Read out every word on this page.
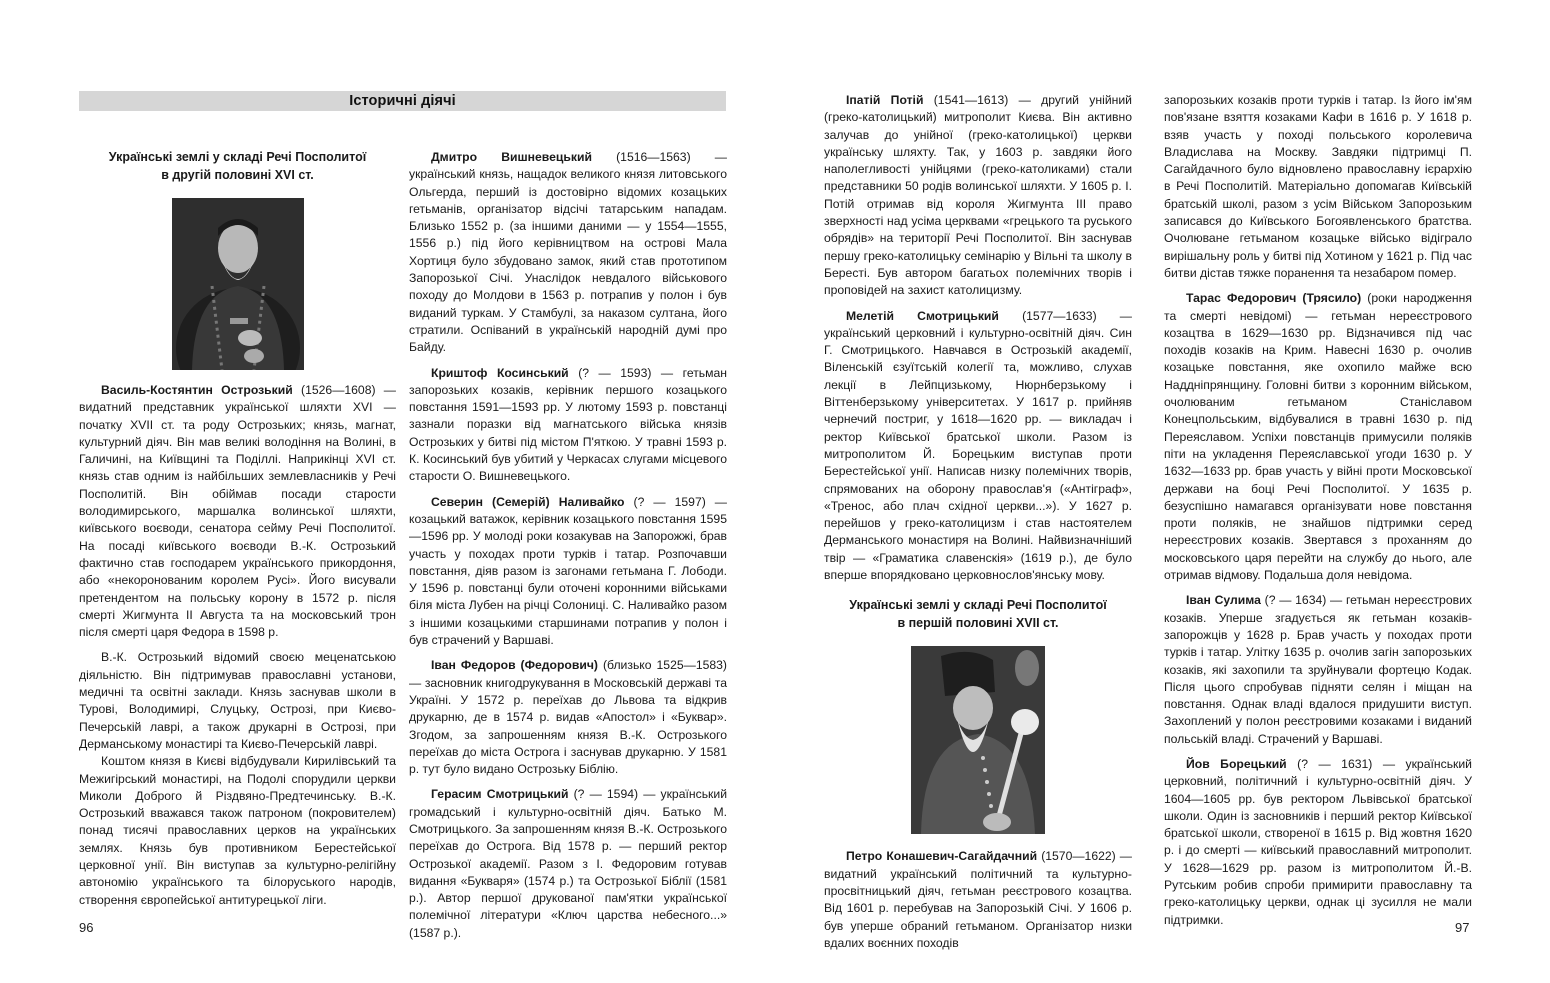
Історичні діячі
Українські землі у складі Речі Посполитої
в другій половині XVI ст.

Василь-Костянтин Острозький (1526—1608) — видатний представник української шляхти XVI — початку XVII ст. та роду Острозьких; князь, магнат, культурний діяч. Він мав великі володіння на Волині, в Галичині, на Київщині та Поділлі. Наприкінці XVI ст. князь став одним із найбільших землевласників у Речі Посполитій. Він обіймав посади старости володимирського, маршалка волинської шляхти, київського воєводи, сенатора сейму Речі Посполитої. На посаді київського воєводи В.-К. Острозький фактично став господарем українського прикордоння, або «некоронованим королем Русі». Його висували претендентом на польську корону в 1572 р. після смерті Жигмунта II Августа та на московський трон після смерті царя Федора в 1598 р.

В.-К. Острозький відомий своєю меценатською діяльністю. Він підтримував православні установи, медичні та освітні заклади. Князь заснував школи в Турові, Володимирі, Слуцьку, Острозі, при Києво-Печерській лаврі, а також друкарні в Острозі, при Дерманському монастирі та Києво-Печерській лаврі.

Коштом князя в Києві відбудували Кирилівський та Межигірський монастирі, на Подолі спорудили церкви Миколи Доброго й Різдвяно-Предтечинську. В.-К. Острозький вважався також патроном (покровителем) понад тисячі православних церков на українських землях. Князь був противником Берестейської церковної унії. Він виступав за культурно-релігійну автономію українського та білоруського народів, створення європейської антитурецької ліги.

Дмитро Вишневецький (1516—1563) — український князь, нащадок великого князя литовського Ольгерда, перший із достовірно відомих козацьких гетьманів, організатор відсічі татарським нападам. Близько 1552 р. (за іншими даними — у 1554—1555, 1556 р.) під його керівництвом на острові Мала Хортиця було збудовано замок, який став прототипом Запорозької Січі. Унаслідок невдалого військового походу до Молдови в 1563 р. потрапив у полон і був виданий туркам. У Стамбулі, за наказом султана, його стратили. Оспіваний в українській народній думі про Байду.

Криштоф Косинський (? — 1593) — гетьман запорозьких козаків, керівник першого козацького повстання 1591—1593 рр. У лютому 1593 р. повстанці зазнали поразки від магнатського війська князів Острозьких у битві під містом П'яткою. У травні 1593 р. К. Косинський був убитий у Черкасах слугами місцевого старости О. Вишневецького.

Северин (Семерій) Наливайко (? — 1597) — козацький ватажок, керівник козацького повстання 1595—1596 рр. У молоді роки козакував на Запорожжі, брав участь у походах проти турків і татар. Розпочавши повстання, діяв разом із загонами гетьмана Г. Лободи. У 1596 р. повстанці були оточені коронними військами біля міста Лубен на річці Солониці. С. Наливайко разом з іншими козацькими старшинами потрапив у полон і був страчений у Варшаві.

Іван Федоров (Федорович) (близько 1525—1583) — засновник книгодрукування в Московській державі та Україні. У 1572 р. переїхав до Львова та відкрив друкарню, де в 1574 р. видав «Апостол» і «Буквар». Згодом, за запрошенням князя В.-К. Острозького переїхав до міста Острога і заснував друкарню. У 1581 р. тут було видано Острозьку Біблію.

Герасим Смотрицький (? — 1594) — український громадський і культурно-освітній діяч. Батько М. Смотрицького. За запрошенням князя В.-К. Острозького переїхав до Острога. Від 1578 р. — перший ректор Острозької академії. Разом з І. Федоровим готував видання «Букваря» (1574 р.) та Острозької Біблії (1581 р.). Автор першої друкованої пам'ятки української полемічної літератури «Ключ царства небесного...» (1587 р.).

96

Іпатій Потій (1541—1613) — другий унійний (греко-католицький) митрополит Києва. Він активно залучав до унійної (греко-католицької) церкви українську шляхту. Так, у 1603 р. завдяки його наполегливості унійцями (греко-католиками) стали представники 50 родів волинської шляхти. У 1605 р. І. Потій отримав від короля Жигмунта III право зверхності над усіма церквами «грецького та руського обрядів» на території Речі Посполитої. Він заснував першу греко-католицьку семінарію у Вільні та школу в Бересті. Був автором багатьох полемічних творів і проповідей на захист католицизму.

Мелетій Смотрицький (1577—1633) — український церковний і культурно-освітній діяч. Син Г. Смотрицького. Навчався в Острозькій академії, Віленській єзуїтській колегії та, можливо, слухав лекції в Лейпцизькому, Нюрнберзькому і Віттенберзькому університетах. У 1617 р. прийняв чернечий постриг, у 1618—1620 рр. — викладач і ректор Київської братської школи. Разом із митрополитом Й. Борецьким виступав проти Берестейської унії. Написав низку полемічних творів, спрямованих на оборону православ'я («Антіграф», «Тренос, або плач східної церкви...»). У 1627 р. перейшов у греко-католицизм і став настоятелем Дерманського монастиря на Волині. Найвизначніший твір — «Граматика славенскія» (1619 р.), де було вперше впорядковано церковнослов'янську мову.

Українські землі у складі Речі Посполитої
в першій половині XVII ст.

Петро Конашевич-Сагайдачний (1570—1622) — видатний український політичний та культурно-просвітницький діяч, гетьман реєстрового козацтва. Від 1601 р. перебував на Запорозькій Січі. У 1606 р. був уперше обраний гетьманом. Організатор низки вдалих воєнних походів

запорозьких козаків проти турків і татар. Із його ім'ям пов'язане взяття козаками Кафи в 1616 р. У 1618 р. взяв участь у поході польського королевича Владислава на Москву. Завдяки підтримці П. Сагайдачного було відновлено православну ієрархію в Речі Посполитій. Матеріально допомагав Київській братській школі, разом з усім Військом Запорозьким записався до Київського Богоявленського братства. Очолюване гетьманом козацьке військо відіграло вирішальну роль у битві під Хотином у 1621 р. Під час битви дістав тяжке поранення та незабаром помер.

Тарас Федорович (Трясило) (роки народження та смерті невідомі) — гетьман нереєстрового козацтва в 1629—1630 рр. Відзначився під час походів козаків на Крим. Навесні 1630 р. очолив козацьке повстання, яке охопило майже всю Наддніпрянщину. Головні битви з коронним військом, очолюваним гетьманом Станіславом Конецпольським, відбувалися в травні 1630 р. під Переяславом. Успіхи повстанців примусили поляків піти на укладення Переяславської угоди 1630 р. У 1632—1633 рр. брав участь у війні проти Московської держави на боці Речі Посполитої. У 1635 р. безуспішно намагався організувати нове повстання проти поляків, не знайшов підтримки серед нереєстрових козаків. Звертався з проханням до московського царя перейти на службу до нього, але отримав відмову. Подальша доля невідома.

Іван Сулима (? — 1634) — гетьман нереєстрових козаків. Уперше згадується як гетьман козаків-запорожців у 1628 р. Брав участь у походах проти турків і татар. Улітку 1635 р. очолив загін запорозьких козаків, які захопили та зруйнували фортецю Кодак. Після цього спробував підняти селян і міщан на повстання. Однак владі вдалося придушити виступ. Захоплений у полон реєстровими козаками і виданий польській владі. Страчений у Варшаві.

Йов Борецький (? — 1631) — український церковний, політичний і культурно-освітній діяч. У 1604—1605 рр. був ректором Львівської братської школи. Один із засновників і перший ректор Київської братської школи, створеної в 1615 р. Від жовтня 1620 р. і до смерті — київський православний митрополит. У 1628—1629 рр. разом із митрополитом Й.-В. Рутським робив спроби примирити православну та греко-католицьку церкви, однак ці зусилля не мали підтримки.

97
